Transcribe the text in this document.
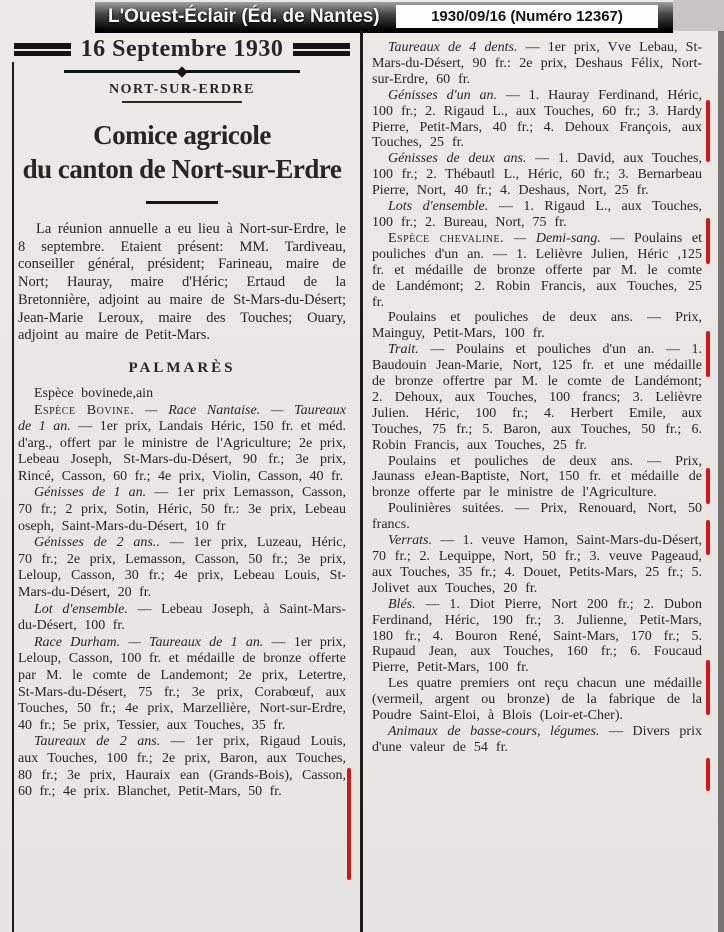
L'Ouest-Éclair (Éd. de Nantes)	1930/09/16 (Numéro 12367)
16 Septembre 1930
NORT-SUR-ERDRE
Comice agricole
du canton de Nort-sur-Erdre

La réunion annuelle a eu lieu à Nort-sur-Erdre, le 8 septembre. Etaient présent: MM. Tardiveau, conseiller général, président; Farineau, maire de Nort; Hauray, maire d'Héric; Ertaud de la Bretonnière, adjoint au maire de St-Mars-du-Désert; Jean-Marie Leroux, maire des Touches; Ouary, adjoint au maire de Petit-Mars.

PALMARÈS

Espèce bovinede,ain

Espèce Bovine. — Race Nantaise. — Taureaux de 1 an. — 1er prix, Landais Héric, 150 fr. et méd. d'arg., offert par le ministre de l'Agriculture; 2e prix, Lebeau Joseph, St-Mars-du-Désert, 90 fr.; 3e prix, Rincé, Casson, 60 fr.; 4e prix, Violin, Casson, 40 fr.

Génisses de 1 an. — 1er prix Lemasson, Casson, 70 fr.; 2 prix, Sotin, Héric, 50 fr.: 3e prix, Lebeau oseph, Saint-Mars-du-Désert, 10 fr

Génisses de 2 ans.. — 1er prix, Luzeau, Héric, 70 fr.; 2e prix, Lemasson, Casson, 50 fr.; 3e prix, Leloup, Casson, 30 fr.; 4e prix, Lebeau Louis, St-Mars-du-Désert, 20 fr.

Lot d'ensemble. — Lebeau Joseph, à Saint-Mars-du-Désert, 100 fr.

Race Durham. — Taureaux de 1 an. — 1er prix, Leloup, Casson, 100 fr. et médaille de bronze offerte par M. le comte de Landemont; 2e prix, Letertre, St-Mars-du-Désert, 75 fr.; 3e prix, Corabœuf, aux Touches, 50 fr.; 4e prix, Marzellière, Nort-sur-Erdre, 40 fr.; 5e prix, Tessier, aux Touches, 35 fr.

Taureaux de 2 ans. — 1er prix, Rigaud Louis, aux Touches, 100 fr.; 2e prix, Baron, aux Touches, 80 fr.; 3e prix, Hauraix ean (Grands-Bois), Casson, 60 fr.; 4e prix. Blanchet, Petit-Mars, 50 fr.

Taureaux de 4 dents. — 1er prix, Vve Lebau, St-Mars-du-Désert, 90 fr.: 2e prix, Deshaus Félix, Nort-sur-Erdre, 60 fr.

Génisses d'un an. — 1. Hauray Ferdinand, Héric, 100 fr.; 2. Rigaud L., aux Touches, 60 fr.; 3. Hardy Pierre, Petit-Mars, 40 fr.; 4. Dehoux François, aux Touches, 25 fr.

Génisses de deux ans. — 1. David, aux Touches, 100 fr.; 2. Thébautl L., Héric, 60 fr.; 3. Bernarbeau Pierre, Nort, 40 fr.; 4. Deshaus, Nort, 25 fr.

Lots d'ensemble. — 1. Rigaud L., aux Touches, 100 fr.; 2. Bureau, Nort, 75 fr.

Espèce chevaline. — Demi-sang. — Poulains et pouliches d'un an. — 1. Lelièvre Julien, Héric ,125 fr. et médaille de bronze offerte par M. le comte de Landémont; 2. Robin Francis, aux Touches, 25 fr.

Poulains et pouliches de deux ans. — Prix, Mainguy, Petit-Mars, 100 fr.

Trait. — Poulains et pouliches d'un an. — 1. Baudouin Jean-Marie, Nort, 125 fr. et une médaille de bronze offertre par M. le comte de Landémont; 2. Dehoux, aux Touches, 100 francs; 3. Lelièvre Julien. Héric, 100 fr.; 4. Herbert Emile, aux Touches, 75 fr.; 5. Baron, aux Touches, 50 fr.; 6. Robin Francis, aux Touches, 25 fr.

Poulains et pouliches de deux ans. — Prix, Jaunass eJean-Baptiste, Nort, 150 fr. et médaille de bronze offerte par le ministre de l'Agriculture.

Poulinières suitées. — Prix, Renouard, Nort, 50 francs.

Verrats. — 1. veuve Hamon, Saint-Mars-du-Désert, 70 fr.; 2. Lequippe, Nort, 50 fr.; 3. veuve Pageaud, aux Touches, 35 fr.; 4. Douet, Petits-Mars, 25 fr.; 5. Jolivet aux Touches, 20 fr.

Blés. — 1. Diot Pierre, Nort 200 fr.; 2. Dubon Ferdinand, Héric, 190 fr.; 3. Julienne, Petit-Mars, 180 fr.; 4. Bouron René, Saint-Mars, 170 fr.; 5. Rupaud Jean, aux Touches, 160 fr.; 6. Foucaud Pierre, Petit-Mars, 100 fr.

Les quatre premiers ont reçu chacun une médaille (vermeil, argent ou bronze) de la fabrique de la Poudre Saint-Eloi, à Blois (Loir-et-Cher).

Animaux de basse-cours, légumes. — Divers prix d'une valeur de 54 fr.
